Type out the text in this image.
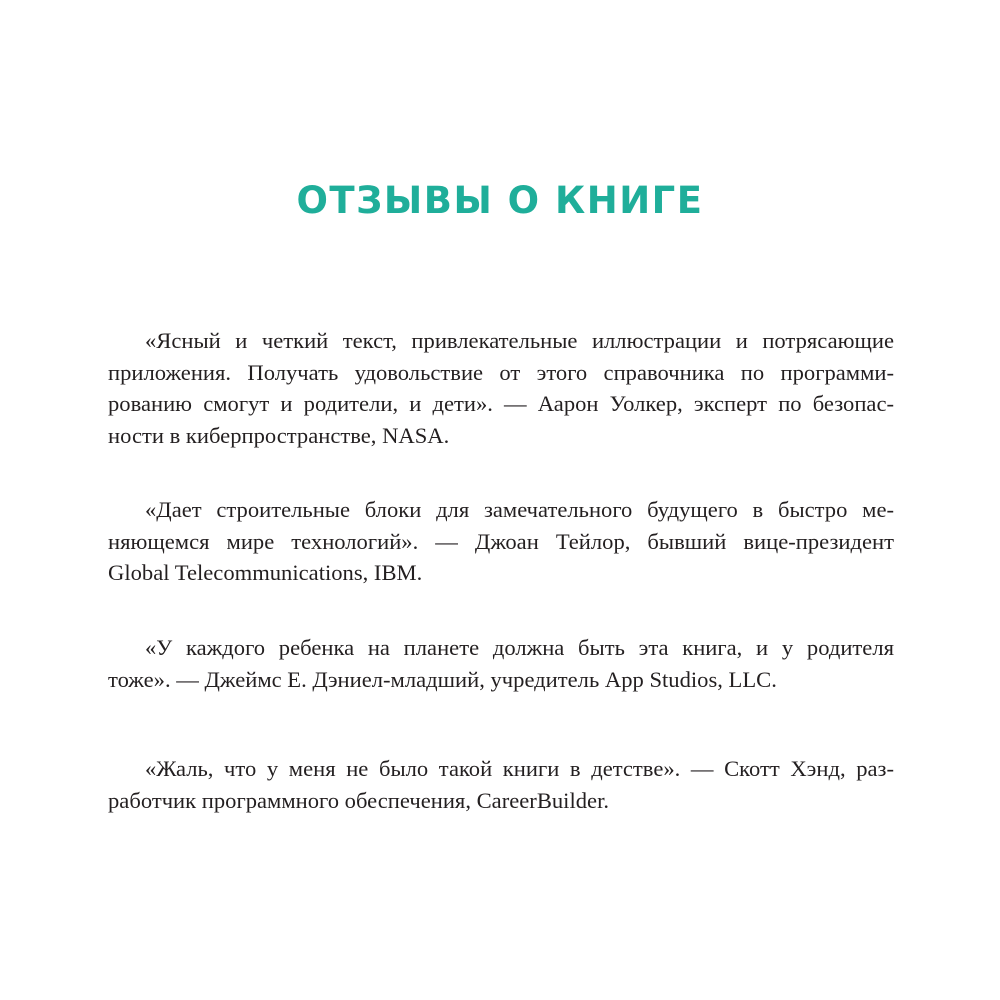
ОТЗЫВЫ О КНИГЕ

«Ясный и четкий текст, привлекательные иллюстрации и потрясающие
приложения. Получать удовольствие от этого справочника по программи-
рованию смогут и родители, и дети». — Аарон Уолкер, эксперт по безопас-
ности в киберпространстве, NASA.

«Дает строительные блоки для замечательного будущего в быстро ме-
няющемся мире технологий». — Джоан Тейлор, бывший вице-президент
Global Telecommunications, IBM.

«У каждого ребенка на планете должна быть эта книга, и у родителя
тоже». — Джеймс Е. Дэниел-младший, учредитель App Studios, LLC.

«Жаль, что у меня не было такой книги в детстве». — Скотт Хэнд, раз-
работчик программного обеспечения, CareerBuilder.
